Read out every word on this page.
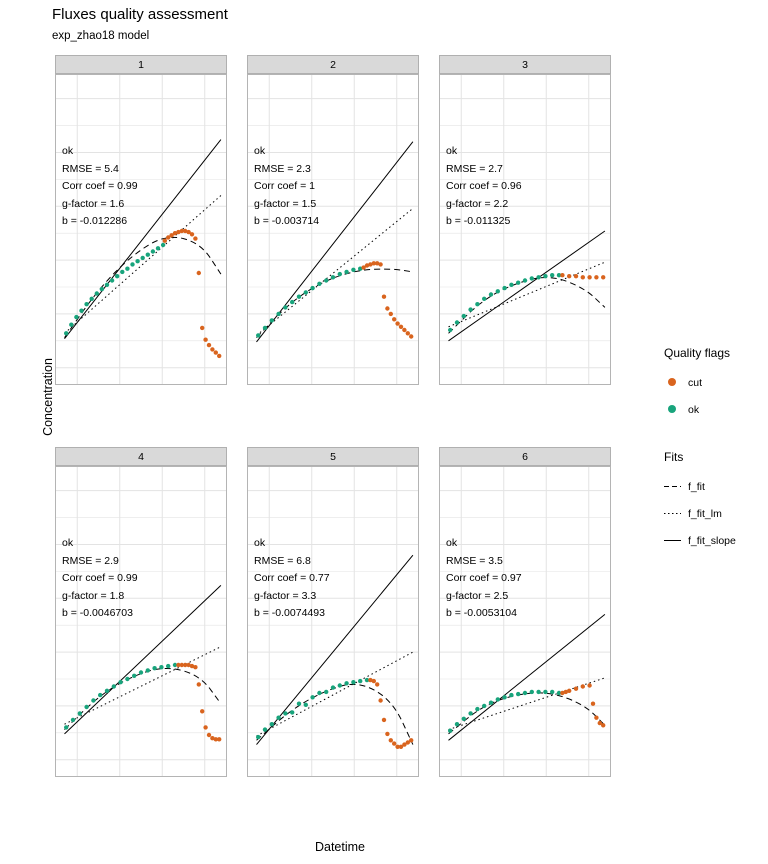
Fluxes quality assessment
exp_zhao18 model
Concentration
Datetime
1

ok
RMSE = 5.4
Corr coef = 0.99
g-factor = 1.6
b = -0.012286
2

ok
RMSE = 2.3
Corr coef = 1
g-factor = 1.5
b = -0.003714
3

ok
RMSE = 2.7
Corr coef = 0.96
g-factor = 2.2
b = -0.011325
4

ok
RMSE = 2.9
Corr coef = 0.99
g-factor = 1.8
b = -0.0046703
5

ok
RMSE = 6.8
Corr coef = 0.77
g-factor = 3.3
b = -0.0074493
6

ok
RMSE = 3.5
Corr coef = 0.97
g-factor = 2.5
b = -0.0053104
Quality flags
cut
ok
Fits
f_fit
f_fit_lm
f_fit_slope
